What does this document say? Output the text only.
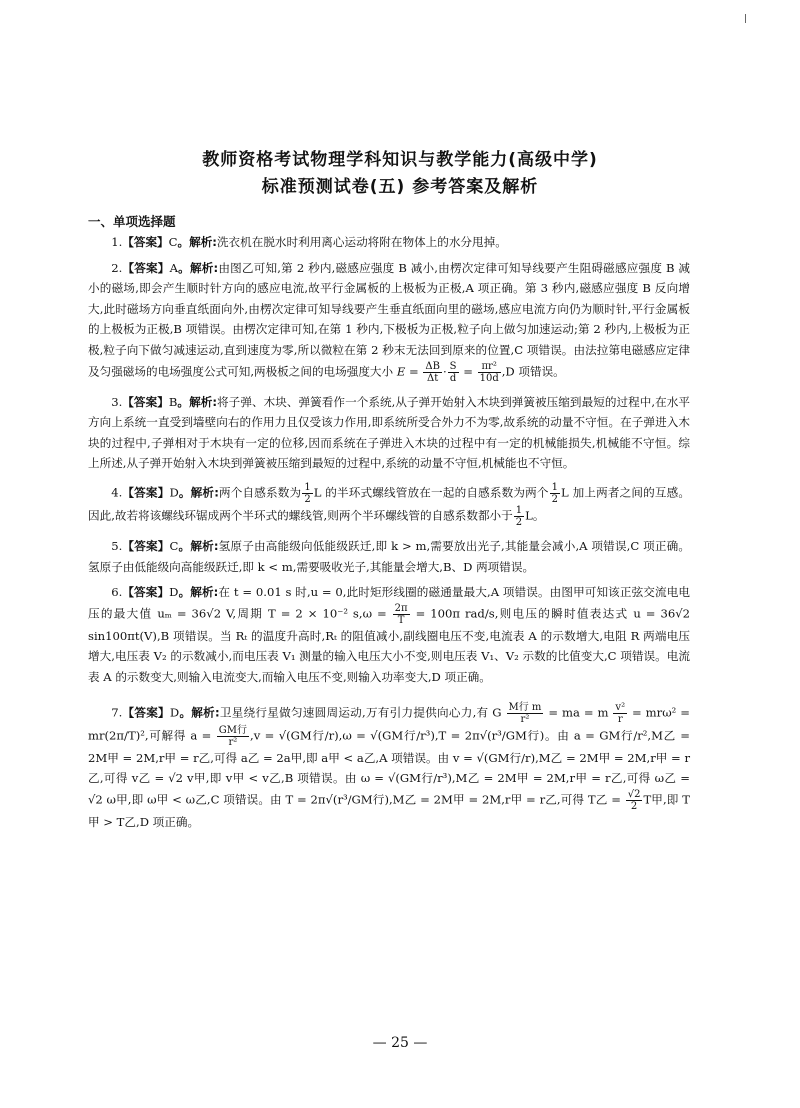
教师资格考试物理学科知识与教学能力(高级中学)
标准预测试卷(五) 参考答案及解析
一、单项选择题

1.【答案】C。解析:洗衣机在脱水时利用离心运动将附在物体上的水分甩掉。

2.【答案】A。解析:由图乙可知,第 2 秒内,磁感应强度 B 减小,由楞次定律可知导线要产生阻碍磁感应强度 B 减小的磁场,即会产生顺时针方向的感应电流,故平行金属板的上极板为正极,A 项正确。第 3 秒内,磁感应强度 B 反向增大,此时磁场方向垂直纸面向外,由楞次定律可知导线要产生垂直纸面向里的磁场,感应电流方向仍为顺时针,平行金属板的上极板为正极,B 项错误。由楞次定律可知,在第 1 秒内,下极板为正极,粒子向上做匀加速运动;第 2 秒内,上极板为正极,粒子向下做匀减速运动,直到速度为零,所以微粒在第 2 秒末无法回到原来的位置,C 项错误。由法拉第电磁感应定律及匀强磁场的电场强度公式可知,两极板之间的电场强度大小 $E = \frac{\Delta B}{\Delta t} \cdot \frac{S}{d} = \frac{\text{πr²}}{10d} ,D$ 项错误。

3.【答案】B。解析:将子弹、木块、弹簧看作一个系统,从子弹开始射入木块到弹簧被压缩到最短的过程中,在水平方向上系统一直受到墙壁向右的作用力且仅受该力作用,即系统所受合外力不为零,故系统的动量不守恒。在子弹进入木块的过程中,子弹相对于木块有一定的位移,因而系统在子弹进入木块的过程中有一定的机械能损失,机械能不守恒。综上所述,从子弹开始射入木块到弹簧被压缩到最短的过程中,系统的动量不守恒,机械能也不守恒。

4.【答案】D。解析:两个自感系数为 $\frac{1}{2}$ L 的半环式螺线管放在一起的自感系数为两个 $\frac{1}{2}$ L 加上两者之间的互感。因此,故若将该螺线环锯成两个半环式的螺线管,则两个半环螺线管的自感系数都小于 $\frac{1}{2}$ L。

5.【答案】C。解析:氢原子由高能级向低能级跃迁,即 k > m,需要放出光子,其能量会减小,A 项错误,C 项正确。氢原子由低能级向高能级跃迁,即 k < m,需要吸收光子,其能量会增大,B、D 两项错误。

6.【答案】D。解析:在 t = 0.01 s 时,u = 0,此时矩形线圈的磁通量最大,A 项错误。由图甲可知该正弦交流电电压的最大值 uₘ = 36√2 V,周期 T = 2 × 10⁻² $s,\omega = \frac{2\pi}{T} = 100\pi$ rad/s,则电压的瞬时值表达式 u = 36√2 sin100πt(V),B 项错误。当 Rₜ 的温度升高时,Rₜ 的阻值减小,副线圈电压不变,电流表 A 的示数增大,电阻 R 两端电压增大,电压表 V₂ 的示数减小,而电压表 V₁ 测量的输入电压大小不变,则电压表 V₁、V₂ 示数的比值变大,C 项错误。电流表 A 的示数变大,则输入电流变大,而输入电压不变,则输入功率变大,D 项正确。

7.【答案】D。解析:卫星绕行星做匀速圆周运动,万有引力提供向心力,有 G $\frac{\text{M行 m}}{\text{r²}}$ = ma = m $\frac{\text{v²}}{r} = mr\omega^2 = mr(2\pi/T)^2$,可解得 $a = \frac{\text{GM行}}{\text{r²}} ,v = √(GM$行/r),ω = √(GM行/r³),T = 2π√(r³/GM行)。由 a = GM行/r²,M乙 = 2M甲 = 2M,r甲 = r乙,可得 a乙 = 2a甲,即 a甲 < a乙,A 项错误。由 v = √(GM行/r),M乙 = 2M甲 = 2M,r甲 = r乙,可得 v乙 = √2 v甲,即 v甲 < v乙,B 项错误。由 ω = √(GM行/r³),M乙 = 2M甲 = 2M,r甲 = r乙,可得 ω乙 = √2 ω甲,即 ω甲 < ω乙,C 项错误。由 T = 2π√(r³/GM行),M乙 = 2M甲 = 2M,r甲 = r乙,可得 T乙 = $\frac{√2}{2}$ T甲,即 T甲 > T乙,D 项正确。

— 25 —
